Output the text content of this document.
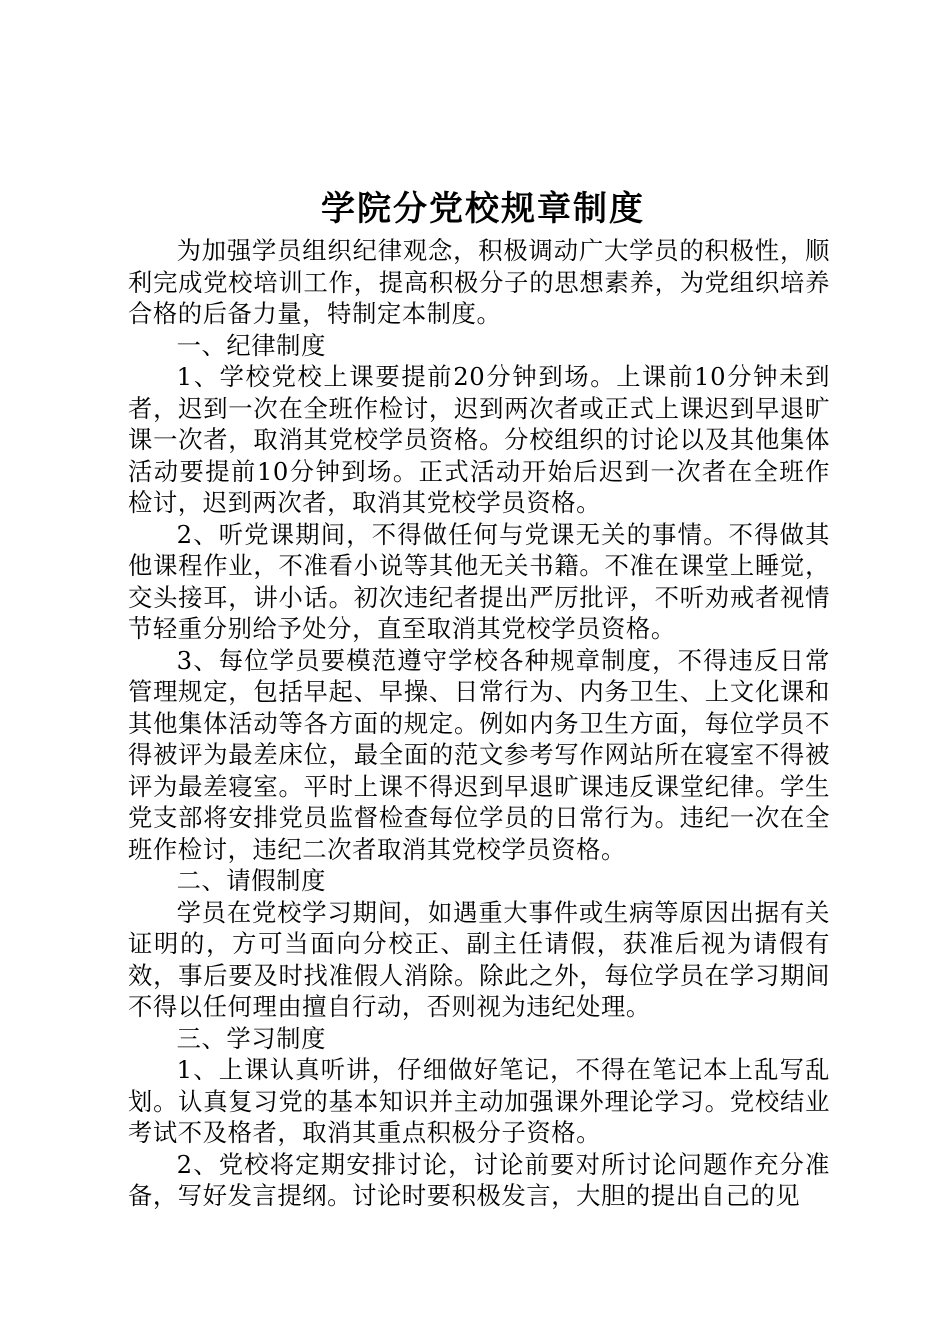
学院分党校规章制度

为加强学员组织纪律观念，积极调动广大学员的积极性，顺利完成党校培训工作，提高积极分子的思想素养，为党组织培养合格的后备力量，特制定本制度。

一、纪律制度

1、学校党校上课要提前20分钟到场。上课前10分钟未到者，迟到一次在全班作检讨，迟到两次者或正式上课迟到早退旷课一次者，取消其党校学员资格。分校组织的讨论以及其他集体活动要提前10分钟到场。正式活动开始后迟到一次者在全班作检讨，迟到两次者，取消其党校学员资格。

2、听党课期间，不得做任何与党课无关的事情。不得做其他课程作业，不准看小说等其他无关书籍。不准在课堂上睡觉，交头接耳，讲小话。初次违纪者提出严厉批评，不听劝戒者视情节轻重分别给予处分，直至取消其党校学员资格。

3、每位学员要模范遵守学校各种规章制度，不得违反日常管理规定，包括早起、早操、日常行为、内务卫生、上文化课和其他集体活动等各方面的规定。例如内务卫生方面，每位学员不得被评为最差床位，最全面的范文参考写作网站所在寝室不得被评为最差寝室。平时上课不得迟到早退旷课违反课堂纪律。学生党支部将安排党员监督检查每位学员的日常行为。违纪一次在全班作检讨，违纪二次者取消其党校学员资格。

二、请假制度

学员在党校学习期间，如遇重大事件或生病等原因出据有关证明的，方可当面向分校正、副主任请假，获准后视为请假有效，事后要及时找准假人消除。除此之外，每位学员在学习期间不得以任何理由擅自行动，否则视为违纪处理。

三、学习制度

1、上课认真听讲，仔细做好笔记，不得在笔记本上乱写乱划。认真复习党的基本知识并主动加强课外理论学习。党校结业考试不及格者，取消其重点积极分子资格。

2、党校将定期安排讨论，讨论前要对所讨论问题作充分准备，写好发言提纲。讨论时要积极发言，大胆的提出自己的见
